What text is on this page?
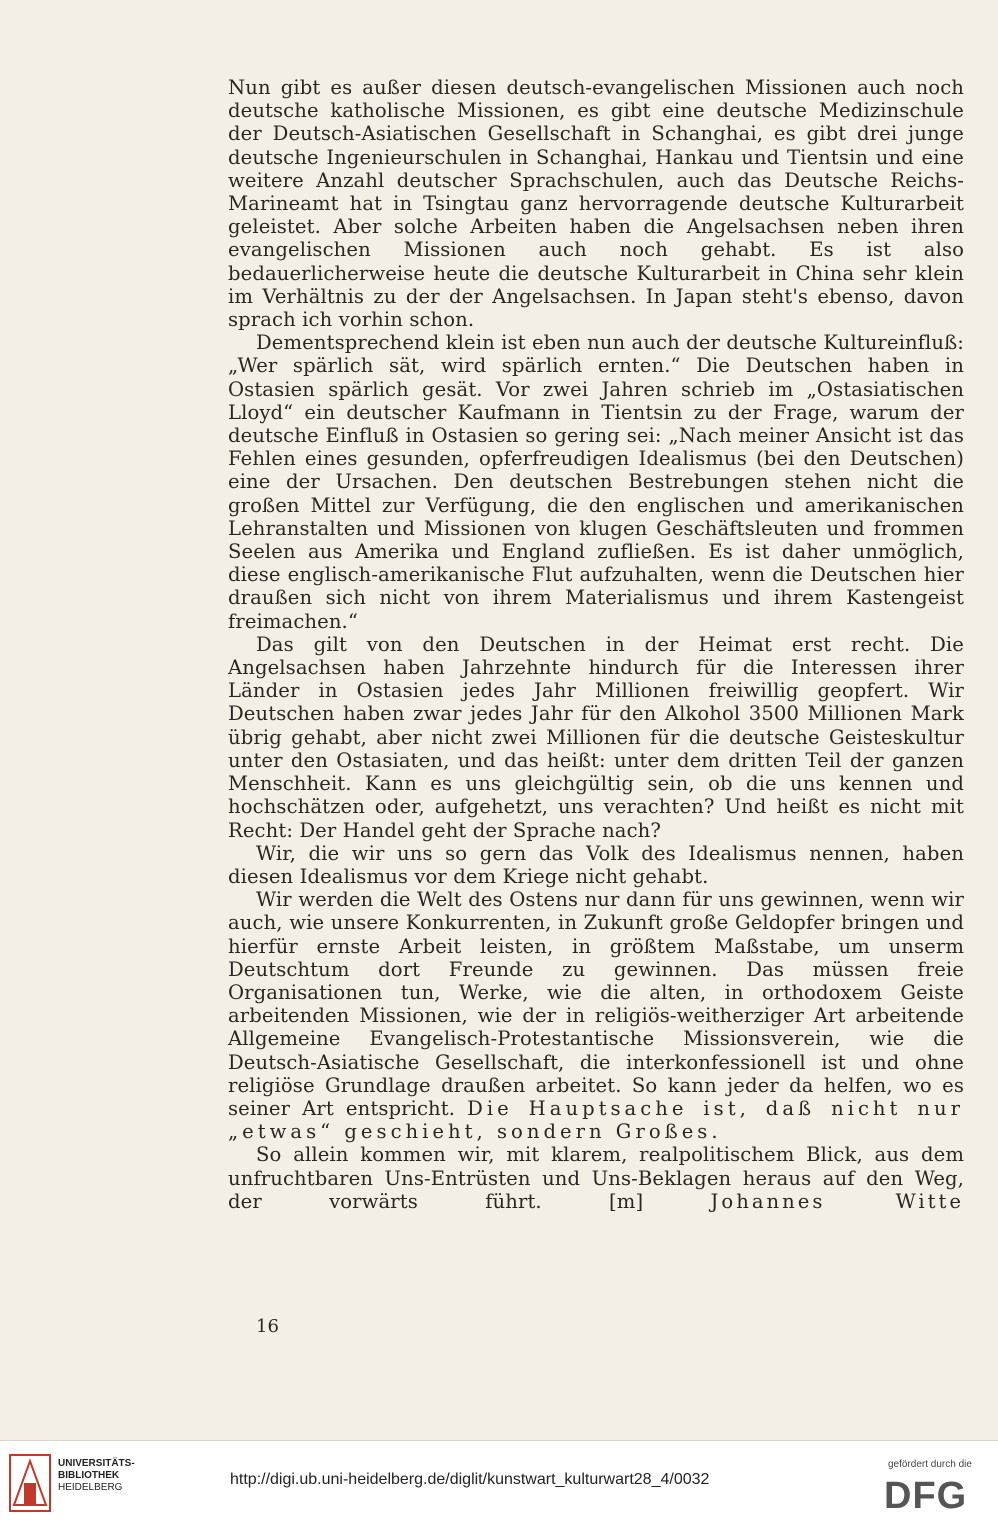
Nun gibt es außer diesen deutsch-evangelischen Missionen auch noch deutsche katholische Missionen, es gibt eine deutsche Medizinschule der Deutsch-Asiatischen Gesellschaft in Schanghai, es gibt drei junge deutsche Ingenieurschulen in Schanghai, Hankau und Tientsin und eine weitere Anzahl deutscher Sprachschulen, auch das Deutsche Reichs-Marineamt hat in Tsingtau ganz hervorragende deutsche Kulturarbeit geleistet. Aber solche Arbeiten haben die Angelsachsen neben ihren evangelischen Missionen auch noch gehabt. Es ist also bedauerlicherweise heute die deutsche Kulturarbeit in China sehr klein im Verhältnis zu der der Angelsachsen. In Japan steht's ebenso, davon sprach ich vorhin schon.

Dementsprechend klein ist eben nun auch der deutsche Kultureinfluß: „Wer spärlich sät, wird spärlich ernten.“ Die Deutschen haben in Ostasien spärlich gesät. Vor zwei Jahren schrieb im „Ostasiatischen Lloyd“ ein deutscher Kaufmann in Tientsin zu der Frage, warum der deutsche Einfluß in Ostasien so gering sei: „Nach meiner Ansicht ist das Fehlen eines gesunden, opferfreudigen Idealismus (bei den Deutschen) eine der Ursachen. Den deutschen Bestrebungen stehen nicht die großen Mittel zur Verfügung, die den englischen und amerikanischen Lehranstalten und Missionen von klugen Geschäftsleuten und frommen Seelen aus Amerika und England zufließen. Es ist daher unmöglich, diese englisch-amerikanische Flut aufzuhalten, wenn die Deutschen hier draußen sich nicht von ihrem Materialismus und ihrem Kastengeist freimachen.“

Das gilt von den Deutschen in der Heimat erst recht. Die Angelsachsen haben Jahrzehnte hindurch für die Interessen ihrer Länder in Ostasien jedes Jahr Millionen freiwillig geopfert. Wir Deutschen haben zwar jedes Jahr für den Alkohol 3500 Millionen Mark übrig gehabt, aber nicht zwei Millionen für die deutsche Geisteskultur unter den Ostasiaten, und das heißt: unter dem dritten Teil der ganzen Menschheit. Kann es uns gleichgültig sein, ob die uns kennen und hochschätzen oder, aufgehetzt, uns verachten? Und heißt es nicht mit Recht: Der Handel geht der Sprache nach?

Wir, die wir uns so gern das Volk des Idealismus nennen, haben diesen Idealismus vor dem Kriege nicht gehabt.

Wir werden die Welt des Ostens nur dann für uns gewinnen, wenn wir auch, wie unsere Konkurrenten, in Zukunft große Geldopfer bringen und hierfür ernste Arbeit leisten, in größtem Maßstabe, um unserm Deutschtum dort Freunde zu gewinnen. Das müssen freie Organisationen tun, Werke, wie die alten, in orthodoxem Geiste arbeitenden Missionen, wie der in religiös-weitherziger Art arbeitende Allgemeine Evangelisch-Protestantische Missionsverein, wie die Deutsch-Asiatische Gesellschaft, die interkonfessionell ist und ohne religiöse Grundlage draußen arbeitet. So kann jeder da helfen, wo es seiner Art entspricht. Die Hauptsache ist, daß nicht nur „etwas“ geschieht, sondern Großes.

So allein kommen wir, mit klarem, realpolitischem Blick, aus dem unfruchtbaren Uns-Entrüsten und Uns-Beklagen heraus auf den Weg, der vorwärts führt. [m]	Johannes Witte

16
UNIVERSITÄTS-
BIBLIOTHEK
HEIDELBERG	http://digi.ub.uni-heidelberg.de/diglit/kunstwart_kulturwart28_4/0032
gefördert durch die
DFG
